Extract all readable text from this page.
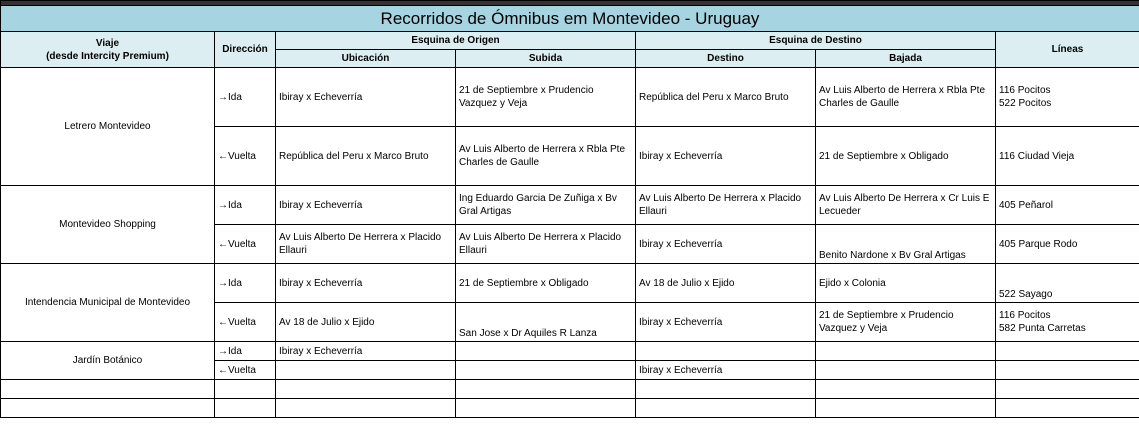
Recorridos de Ómnibus em Montevideo - Uruguay						
Viaje
(desde Intercity Premium)	Dirección	Esquina de Origen		Esquina de Destino		Líneas
		Ubicación	Subida	Destino	Bajada	
Letrero Montevideo	→Ida	Ibiray x Echeverría	21 de Septiembre x Prudencio Vazquez y Veja	República del Peru x Marco Bruto	Av Luis Alberto de Herrera x Rbla Pte Charles de Gaulle	116 Pocitos
522 Pocitos
	←Vuelta	República del Peru x Marco Bruto	Av Luis Alberto de Herrera x Rbla Pte Charles de Gaulle	Ibiray x Echeverría	21 de Septiembre x Obligado	116 Ciudad Vieja
Montevideo Shopping	→Ida	Ibiray x Echeverría	Ing Eduardo Garcia De Zuñiga x Bv Gral Artigas	Av Luis Alberto De Herrera x Placido Ellauri	Av Luis Alberto De Herrera x Cr Luis E Lecueder	405 Peñarol
	←Vuelta	Av Luis Alberto De Herrera x Placido Ellauri	Av Luis Alberto De Herrera x Placido Ellauri	Ibiray x Echeverría	Benito Nardone x Bv Gral Artigas	405 Parque Rodo
Intendencia Municipal de Montevideo	→Ida	Ibiray x Echeverría	21 de Septiembre x Obligado	Av 18 de Julio x Ejido	Ejido x Colonia	522 Sayago
	←Vuelta	Av 18 de Julio x Ejido	San Jose x Dr Aquiles R Lanza	Ibiray x Echeverría	21 de Septiembre x Prudencio Vazquez y Veja	116 Pocitos
582 Punta Carretas
Jardín Botánico	→Ida	Ibiray x Echeverría				
	←Vuelta			Ibiray x Echeverría		
